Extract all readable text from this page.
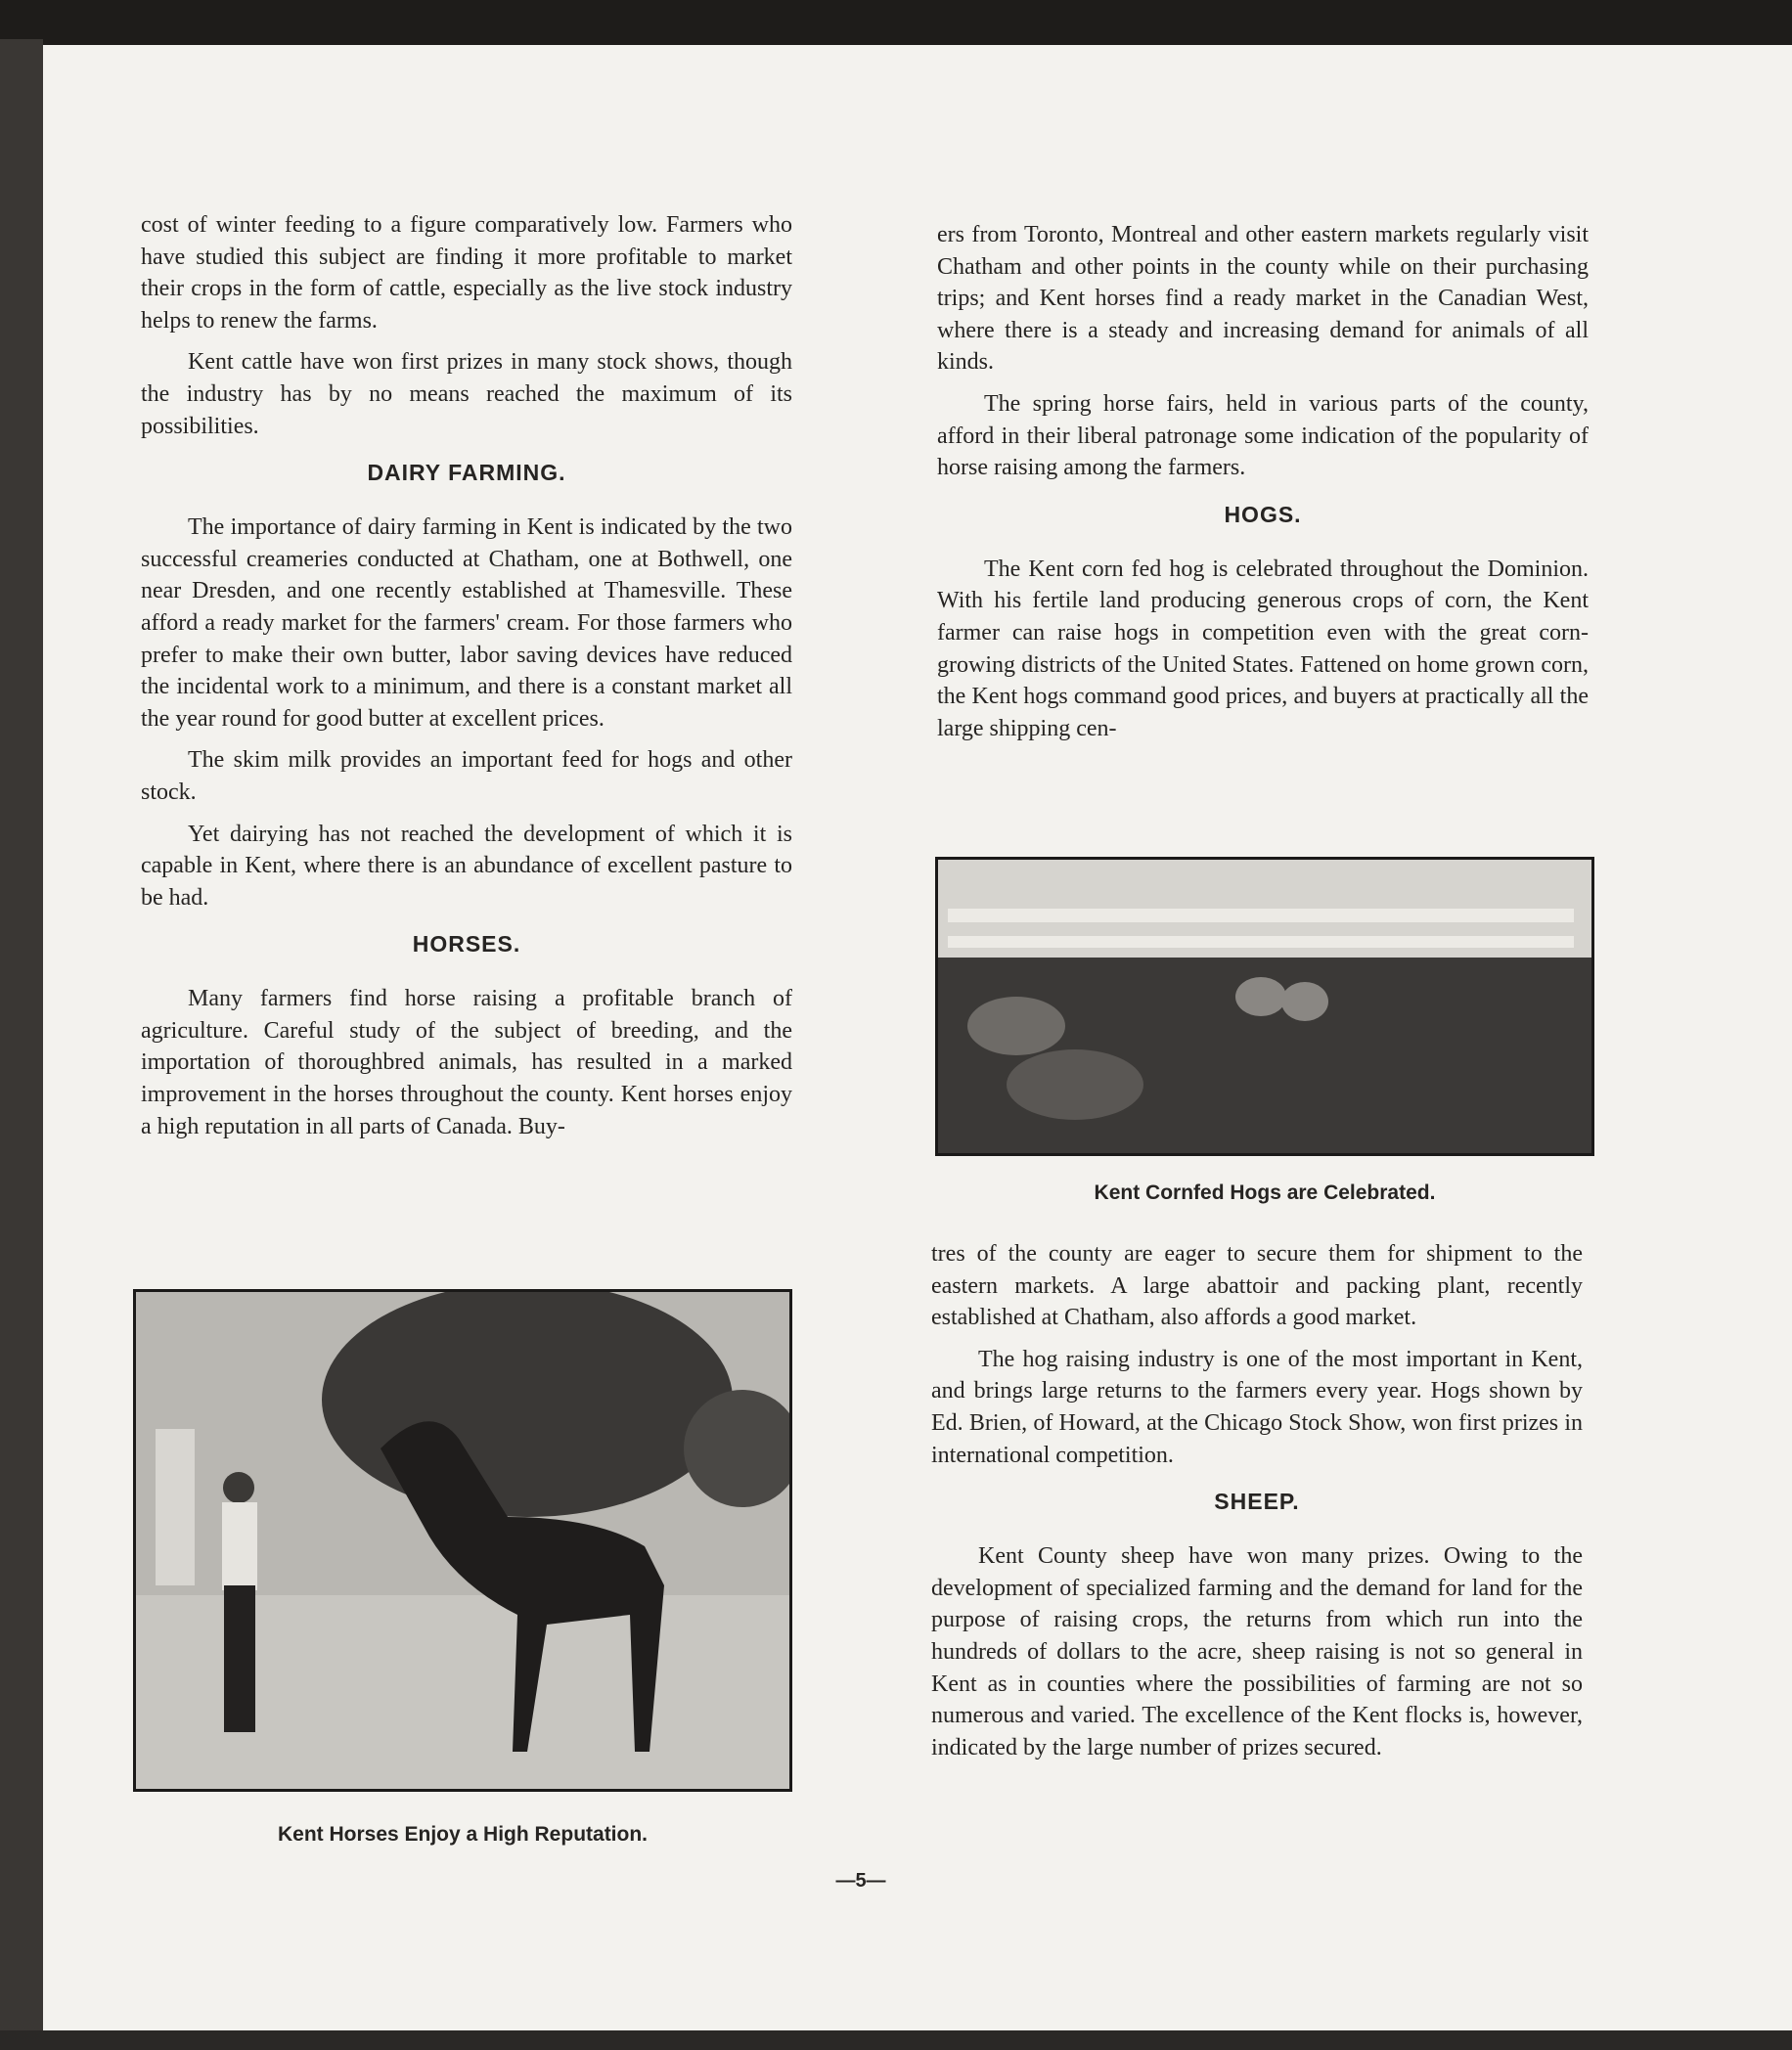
cost of winter feeding to a figure comparatively low. Farmers who have studied this subject are finding it more profitable to market their crops in the form of cattle, especially as the live stock industry helps to renew the farms.

Kent cattle have won first prizes in many stock shows, though the industry has by no means reached the maximum of its possibilities.

DAIRY FARMING.

The importance of dairy farming in Kent is indicated by the two successful creameries conducted at Chatham, one at Bothwell, one near Dresden, and one recently established at Thamesville. These afford a ready market for the farmers' cream. For those farmers who prefer to make their own butter, labor saving devices have reduced the incidental work to a minimum, and there is a constant market all the year round for good butter at excellent prices.

The skim milk provides an important feed for hogs and other stock.

Yet dairying has not reached the development of which it is capable in Kent, where there is an abundance of excellent pasture to be had.

HORSES.

Many farmers find horse raising a profitable branch of agriculture. Careful study of the subject of breeding, and the importation of thoroughbred animals, has resulted in a marked improvement in the horses throughout the county. Kent horses enjoy a high reputation in all parts of Canada. Buy-

Kent Horses Enjoy a High Reputation.

ers from Toronto, Montreal and other eastern markets regularly visit Chatham and other points in the county while on their purchasing trips; and Kent horses find a ready market in the Canadian West, where there is a steady and increasing demand for animals of all kinds.

The spring horse fairs, held in various parts of the county, afford in their liberal patronage some indication of the popularity of horse raising among the farmers.

HOGS.

The Kent corn fed hog is celebrated throughout the Dominion. With his fertile land producing generous crops of corn, the Kent farmer can raise hogs in competition even with the great corn-growing districts of the United States. Fattened on home grown corn, the Kent hogs command good prices, and buyers at practically all the large shipping cen-

Kent Cornfed Hogs are Celebrated.

tres of the county are eager to secure them for shipment to the eastern markets. A large abattoir and packing plant, recently established at Chatham, also affords a good market.

The hog raising industry is one of the most important in Kent, and brings large returns to the farmers every year. Hogs shown by Ed. Brien, of Howard, at the Chicago Stock Show, won first prizes in international competition.

SHEEP.

Kent County sheep have won many prizes. Owing to the development of specialized farming and the demand for land for the purpose of raising crops, the returns from which run into the hundreds of dollars to the acre, sheep raising is not so general in Kent as in counties where the possibilities of farming are not so numerous and varied. The excellence of the Kent flocks is, however, indicated by the large number of prizes secured.

—5—
